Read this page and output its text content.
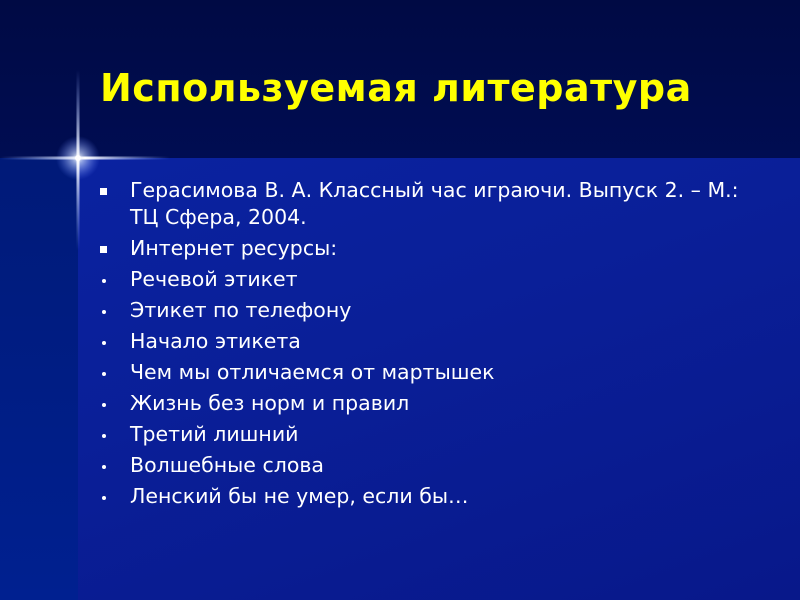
Используемая литература
Герасимова В. А. Классный час играючи. Выпуск 2. – М.: ТЦ Сфера, 2004.
Интернет ресурсы:
Речевой этикет
Этикет по телефону
Начало этикета
Чем мы отличаемся от мартышек
Жизнь без норм и правил
Третий лишний
Волшебные слова
Ленский бы не умер, если бы…
